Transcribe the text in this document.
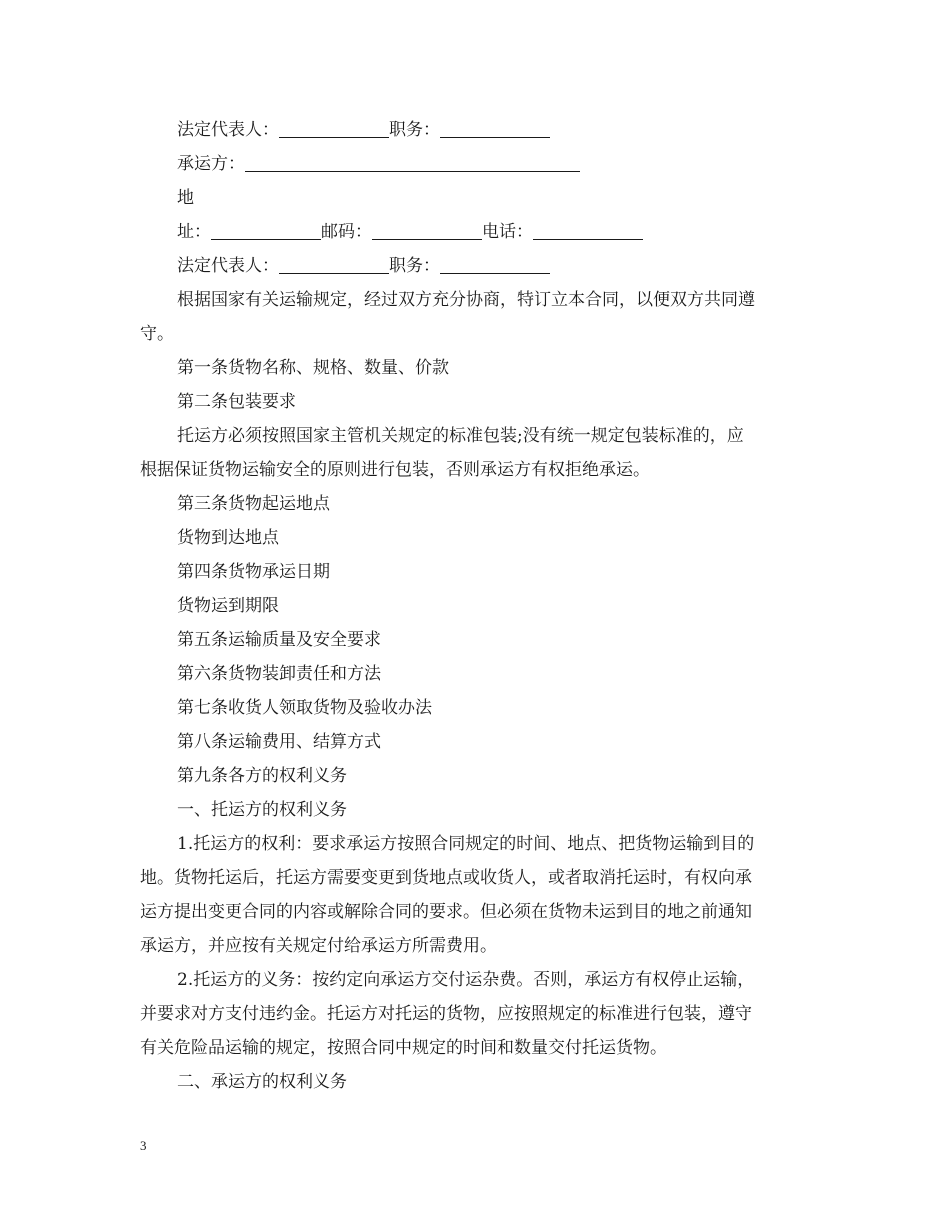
法定代表人：	职务：
承运方：
地
址：	邮码：	电话：
法定代表人：	职务：
根据国家有关运输规定，经过双方充分协商，特订立本合同，以便双方共同遵
守。
第一条货物名称、规格、数量、价款
第二条包装要求
托运方必须按照国家主管机关规定的标准包装;没有统一规定包装标准的，应
根据保证货物运输安全的原则进行包装，否则承运方有权拒绝承运。
第三条货物起运地点
货物到达地点
第四条货物承运日期
货物运到期限
第五条运输质量及安全要求
第六条货物装卸责任和方法
第七条收货人领取货物及验收办法
第八条运输费用、结算方式
第九条各方的权利义务
一、托运方的权利义务
1.托运方的权利：要求承运方按照合同规定的时间、地点、把货物运输到目的
地。货物托运后，托运方需要变更到货地点或收货人，或者取消托运时，有权向承
运方提出变更合同的内容或解除合同的要求。但必须在货物未运到目的地之前通知
承运方，并应按有关规定付给承运方所需费用。
2.托运方的义务：按约定向承运方交付运杂费。否则，承运方有权停止运输，
并要求对方支付违约金。托运方对托运的货物，应按照规定的标准进行包装，遵守
有关危险品运输的规定，按照合同中规定的时间和数量交付托运货物。
二、承运方的权利义务
3
